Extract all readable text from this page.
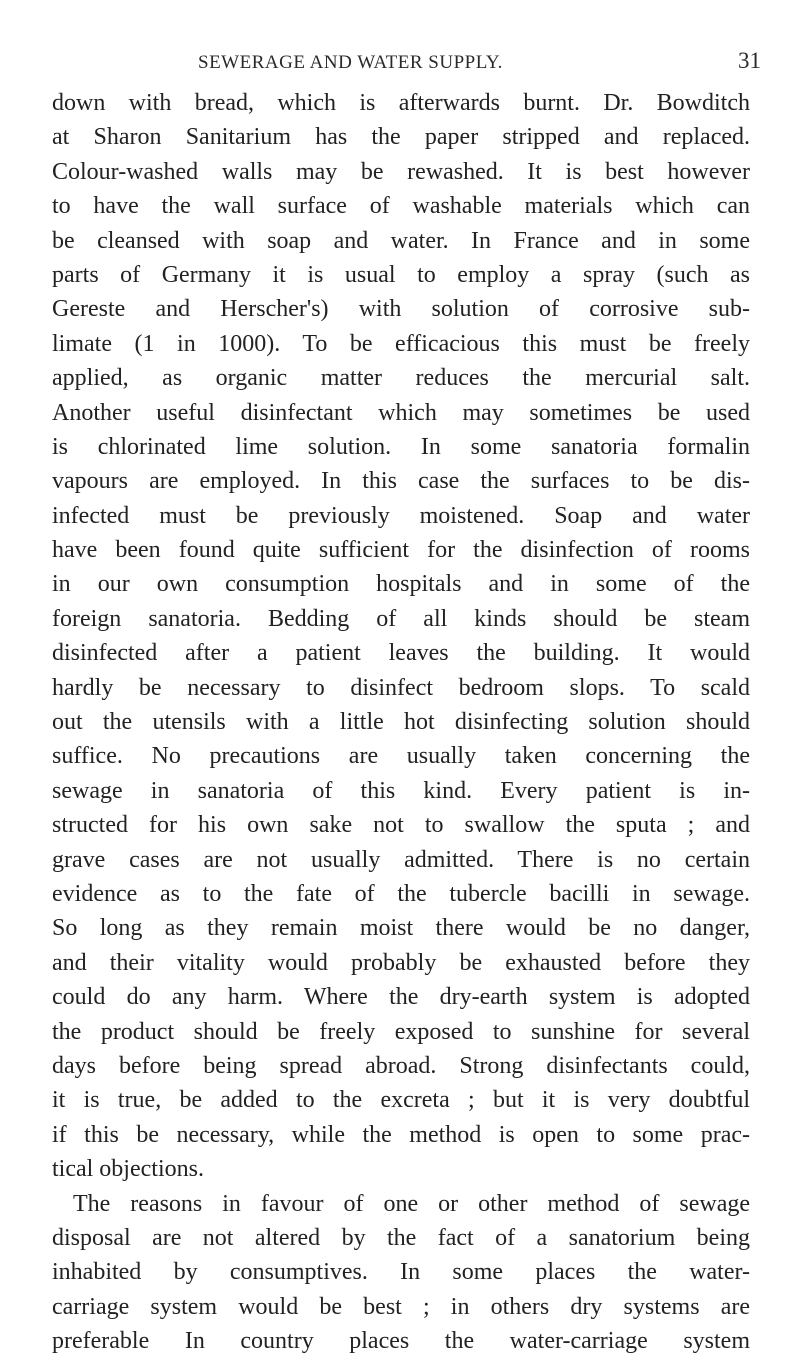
SEWERAGE AND WATER SUPPLY.	31
down with bread, which is afterwards burnt. Dr. Bowditch
at Sharon Sanitarium has the paper stripped and replaced.
Colour-washed walls may be rewashed. It is best however
to have the wall surface of washable materials which can
be cleansed with soap and water. In France and in some
parts of Germany it is usual to employ a spray (such as
Gereste and Herscher's) with solution of corrosive sub-
limate (1 in 1000). To be efficacious this must be freely
applied, as organic matter reduces the mercurial salt.
Another useful disinfectant which may sometimes be used
is chlorinated lime solution. In some sanatoria formalin
vapours are employed. In this case the surfaces to be dis-
infected must be previously moistened. Soap and water
have been found quite sufficient for the disinfection of rooms
in our own consumption hospitals and in some of the
foreign sanatoria. Bedding of all kinds should be steam
disinfected after a patient leaves the building. It would
hardly be necessary to disinfect bedroom slops. To scald
out the utensils with a little hot disinfecting solution should
suffice. No precautions are usually taken concerning the
sewage in sanatoria of this kind. Every patient is in-
structed for his own sake not to swallow the sputa ; and
grave cases are not usually admitted. There is no certain
evidence as to the fate of the tubercle bacilli in sewage.
So long as they remain moist there would be no danger,
and their vitality would probably be exhausted before they
could do any harm. Where the dry-earth system is adopted
the product should be freely exposed to sunshine for several
days before being spread abroad. Strong disinfectants could,
it is true, be added to the excreta ; but it is very doubtful
if this be necessary, while the method is open to some prac-
tical objections.
The reasons in favour of one or other method of sewage
disposal are not altered by the fact of a sanatorium being
inhabited by consumptives. In some places the water-
carriage system would be best ; in others dry systems are
preferable In country places the water-carriage system
